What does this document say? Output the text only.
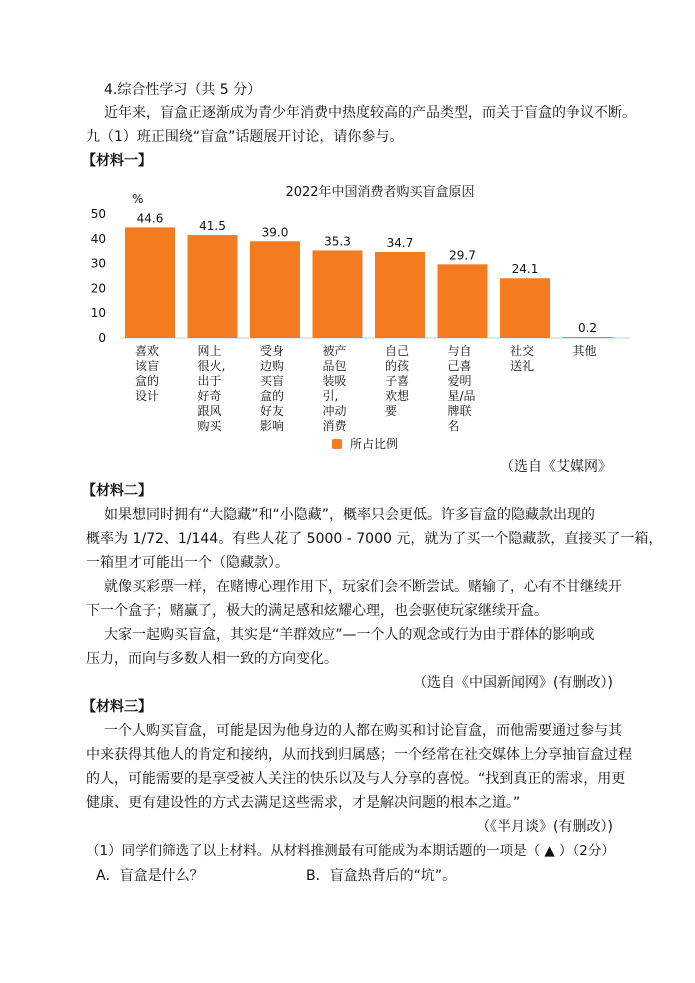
4.综合性学习（共 5 分）
近年来，盲盒正逐渐成为青少年消费中热度较高的产品类型，而关于盲盒的争议不断。
九（1）班正围绕“盲盒”话题展开讨论，请你参与。
【材料一】
2022年中国消费者购买盲盒原因
%
0
10
20
30
40
50	44.6
喜欢该盲盒的设计
41.5
网上很火,出于好奇跟风购买
39.0
受身边购买盲盒的好友影响
35.3
被产品包装吸引,冲动消费
34.7
自己的孩子喜欢想要
29.7
与自己喜爱明星/品牌联名
24.1
社交送礼
0.2
其他
所占比例
（选自《艾媒网》
【材料二】
如果想同时拥有“大隐藏”和“小隐藏”，概率只会更低。许多盲盒的隐藏款出现的
概率为 1/72、1/144。有些人花了 5000 - 7000 元，就为了买一个隐藏款，直接买了一箱，
一箱里才可能出一个（隐藏款）。
就像买彩票一样，在赌博心理作用下，玩家们会不断尝试。赌输了，心有不甘继续开
下一个盒子；赌赢了，极大的满足感和炫耀心理，也会驱使玩家继续开盒。
大家一起购买盲盒，其实是“羊群效应”—一个人的观念或行为由于群体的影响或
压力，而向与多数人相一致的方向变化。
（选自《中国新闻网》(有删改）)
【材料三】
一个人购买盲盒，可能是因为他身边的人都在购买和讨论盲盒，而他需要通过参与其
中来获得其他人的肯定和接纳，从而找到归属感；一个经常在社交媒体上分享抽盲盒过程
的人，可能需要的是享受被人关注的快乐以及与人分享的喜悦。“找到真正的需求，用更
健康、更有建设性的方式去满足这些需求，才是解决问题的根本之道。”
（《半月谈》(有删改）)
（1）同学们筛选了以上材料。从材料推测最有可能成为本期话题的一项是（ ▲ ）（2分）
A．盲盒是什么？	B．盲盒热背后的“坑”。
